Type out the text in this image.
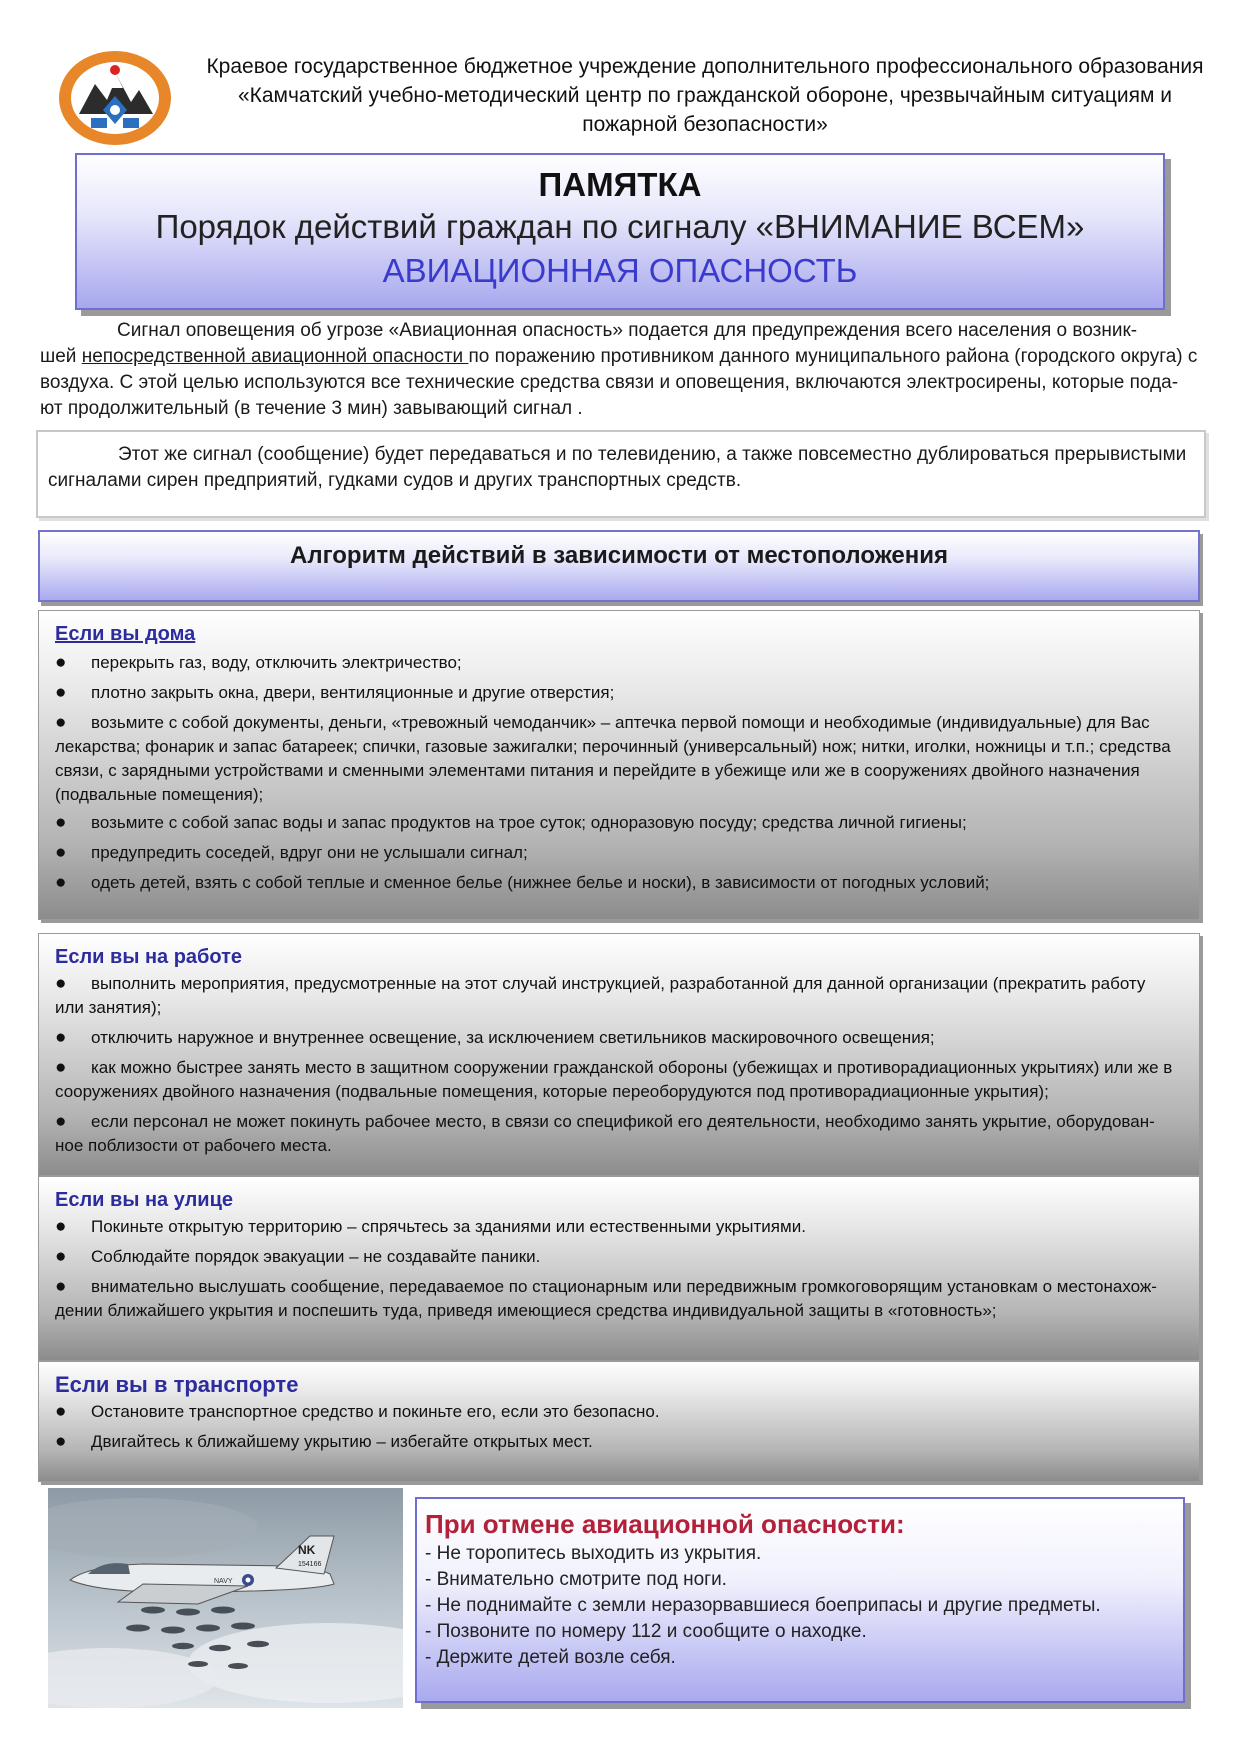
Краевое государственное бюджетное учреждение дополнительного профессионального образования
«Камчатский учебно-методический центр по гражданской обороне, чрезвычайным ситуациям и
пожарной безопасности»
ПАМЯТКА
Порядок действий граждан по сигналу «ВНИМАНИЕ ВСЕМ»
АВИАЦИОННАЯ ОПАСНОСТЬ
Сигнал оповещения об угрозе «Авиационная опасность» подается для предупреждения всего населения о возник-
шей непосредственной авиационной опасности по поражению противником данного муниципального района (городского округа) с
воздуха. С этой целью используются все технические средства связи и оповещения, включаются электросирены, которые пода-
ют продолжительный (в течение 3 мин) завывающий сигнал .
Этот же сигнал (сообщение) будет передаваться и по телевидению, а также повсеместно дублироваться прерывистыми
сигналами сирен предприятий, гудками судов и других транспортных средств.
Алгоритм действий в зависимости от местоположения
Если вы дома
● перекрыть газ, воду, отключить электричество;
● плотно закрыть окна, двери, вентиляционные и другие отверстия;
● возьмите с собой документы, деньги, «тревожный чемоданчик» – аптечка первой помощи и необходимые (индивидуальные) для Вас
лекарства; фонарик и запас батареек; спички, газовые зажигалки; перочинный (универсальный) нож; нитки, иголки, ножницы и т.п.; средства
связи, с зарядными устройствами и сменными элементами питания и перейдите в убежище или же в сооружениях двойного назначения
(подвальные помещения);
● возьмите с собой запас воды и запас продуктов на трое суток; одноразовую посуду; средства личной гигиены;
● предупредить соседей, вдруг они не услышали сигнал;
● одеть детей, взять с собой теплые и сменное белье (нижнее белье и носки), в зависимости от погодных условий;
Если вы на работе
● выполнить мероприятия, предусмотренные на этот случай инструкцией, разработанной для данной организации (прекратить работу
или занятия);
● отключить наружное и внутреннее освещение, за исключением светильников маскировочного освещения;
● как можно быстрее занять место в защитном сооружении гражданской обороны (убежищах и противорадиационных укрытиях) или же в
сооружениях двойного назначения (подвальные помещения, которые переоборудуются под противорадиационные укрытия);
● если персонал не может покинуть рабочее место, в связи со спецификой его деятельности, необходимо занять укрытие, оборудован-
ное поблизости от рабочего места.
Если вы на улице
● Покиньте открытую территорию – спрячьтесь за зданиями или естественными укрытиями.
● Соблюдайте порядок эвакуации – не создавайте паники.
● внимательно выслушать сообщение, передаваемое по стационарным или передвижным громкоговорящим установкам о местонахож-
дении ближайшего укрытия и поспешить туда, приведя имеющиеся средства индивидуальной защиты в «готовность»;
Если вы в транспорте
● Остановите транспортное средство и покиньте его, если это безопасно.
● Двигайтесь к ближайшему укрытию – избегайте открытых мест.
NK
154166
NAVY
При отмене авиационной опасности:
- Не торопитесь выходить из укрытия.
- Внимательно смотрите под ноги.
- Не поднимайте с земли неразорвавшиеся боеприпасы и другие предметы.
- Позвоните по номеру 112 и сообщите о находке.
- Держите детей возле себя.
